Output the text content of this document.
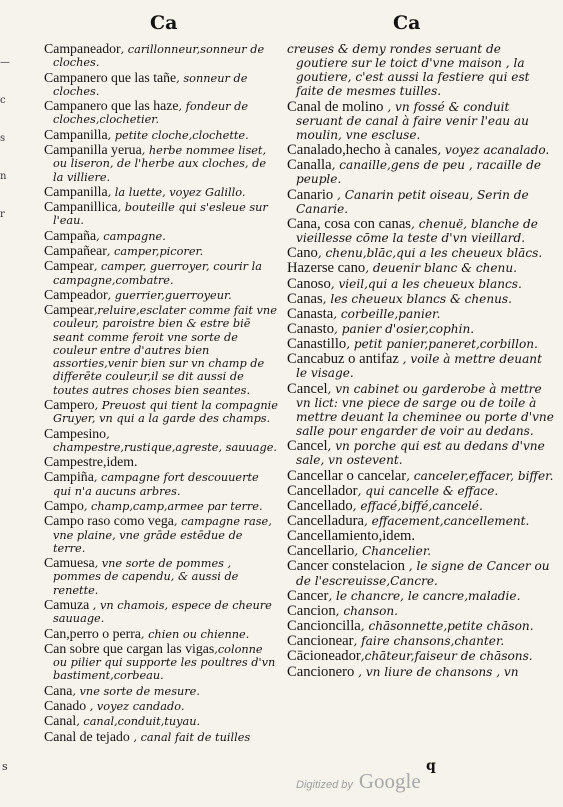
Ca	Ca
—
c
s
n
r
s
Campaneador, carillonneur,sonneur de cloches.
Campanero que las tañe, sonneur de cloches.
Campanero que las haze, fondeur de cloches,clochetier.
Campanilla, petite cloche,clochette.
Campanilla yerua, herbe nommee liset, ou liseron, de l'herbe aux cloches, de la villiere.
Campanilla, la luette, voyez Galillo.
Campanillica, bouteille qui s'esleue sur l'eau.
Campaña, campagne.
Campañear, camper,picorer.
Campear, camper, guerroyer, courir la campagne,combatre.
Campeador, guerrier,guerroyeur.
Campear,reluire,esclater comme fait vne couleur, paroistre bien & estre biē seant comme feroit vne sorte de couleur entre d'autres bien assorties,venir bien sur vn champ de differēte couleur,il se dit aussi de toutes autres choses bien seantes.
Campero, Preuost qui tient la compagnie Gruyer, vn qui a la garde des champs.
Campesino, champestre,rustique,agreste, sauuage.
Campestre,idem.
Campiña, campagne fort descouuerte qui n'a aucuns arbres.
Campo, champ,camp,armee par terre.
Campo raso como vega, campagne rase, vne plaine, vne grāde estēdue de terre.
Camuesa, vne sorte de pommes , pommes de capendu, & aussi de renette.
Camuza , vn chamois, espece de cheure sauuage.
Can,perro o perra, chien ou chienne.
Can sobre que cargan las vigas,colonne ou pilier qui supporte les poultres d'vn bastiment,corbeau.
Cana, vne sorte de mesure.
Canado , voyez candado.
Canal, canal,conduit,tuyau.
Canal de tejado , canal fait de tuilles
creuses & demy rondes seruant de goutiere sur le toict d'vne maison , la goutiere, c'est aussi la festiere qui est faite de mesmes tuilles.
Canal de molino , vn fossé & conduit seruant de canal à faire venir l'eau au moulin, vne escluse.
Canalado,hecho à canales, voyez acanalado.
Canalla, canaille,gens de peu , racaille de peuple.
Canario , Canarin petit oiseau, Serin de Canarie.
Cana, cosa con canas, chenuë, blanche de vieillesse cōme la teste d'vn vieillard.
Cano, chenu,blāc,qui a les cheueux blācs.
Hazerse cano, deuenir blanc & chenu.
Canoso, vieil,qui a les cheueux blancs.
Canas, les cheueux blancs & chenus.
Canasta, corbeille,panier.
Canasto, panier d'osier,cophin.
Canastillo, petit panier,paneret,corbillon.
Cancabuz o antifaz , voile à mettre deuant le visage.
Cancel, vn cabinet ou garderobe à mettre vn lict: vne piece de sarge ou de toile à mettre deuant la cheminee ou porte d'vne salle pour engarder de voir au dedans.
Cancel, vn porche qui est au dedans d'vne sale, vn ostevent.
Cancellar o cancelar, canceler,effacer, biffer.
Cancellador, qui cancelle & efface.
Cancellado, effacé,biffé,cancelé.
Cancelladura, effacement,cancellement.
Cancellamiento,idem.
Cancellario, Chancelier.
Cancer constelacion , le signe de Cancer ou de l'escreuisse,Cancre.
Cancer, le chancre, le cancre,maladie.
Cancion, chanson.
Cancioncilla, chāsonnette,petite chāson.
Cancionear, faire chansons,chanter.
Cācioneador,chāteur,faiseur de chāsons.
Cancionero , vn liure de chansons , vn
q
Digitized by Google
